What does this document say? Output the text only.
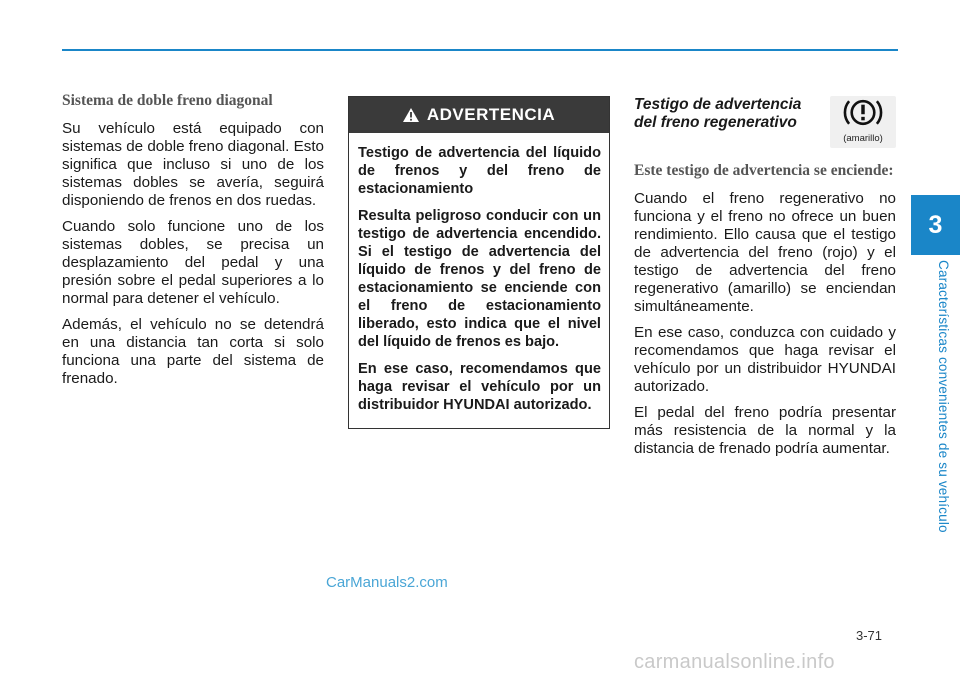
3
Características convenientes de su vehículo
Sistema de doble freno diagonal

Su vehículo está equipado con sistemas de doble freno diagonal. Esto significa que incluso si uno de los sistemas dobles se avería, seguirá disponiendo de frenos en dos ruedas.

Cuando solo funcione uno de los sistemas dobles, se precisa un desplazamiento del pedal y una presión sobre el pedal superiores a lo normal para detener el vehículo.

Además, el vehículo no se detendrá en una distancia tan corta si solo funciona una parte del sistema de frenado.

ADVERTENCIA

Testigo de advertencia del líquido de frenos y del freno de estacionamiento

Resulta peligroso conducir con un testigo de advertencia encendido. Si el testigo de advertencia del líquido de frenos y del freno de estacionamiento se enciende con el freno de estacionamiento liberado, esto indica que el nivel del líquido de frenos es bajo.

En ese caso, recomendamos que haga revisar el vehículo por un distribuidor HYUNDAI autorizado.

Testigo de advertencia del freno regenerativo
(amarillo)
Este testigo de advertencia se enciende:

Cuando el freno regenerativo no funciona y el freno no ofrece un buen rendimiento. Ello causa que el testigo de advertencia del freno (rojo) y el testigo de advertencia del freno regenerativo (amarillo) se enciendan simultáneamente.

En ese caso, conduzca con cuidado y recomendamos que haga revisar el vehículo por un distribuidor HYUNDAI autorizado.

El pedal del freno podría presentar más resistencia de la normal y la distancia de frenado podría aumentar.

CarManuals2.com
3-71
carmanualsonline.info
